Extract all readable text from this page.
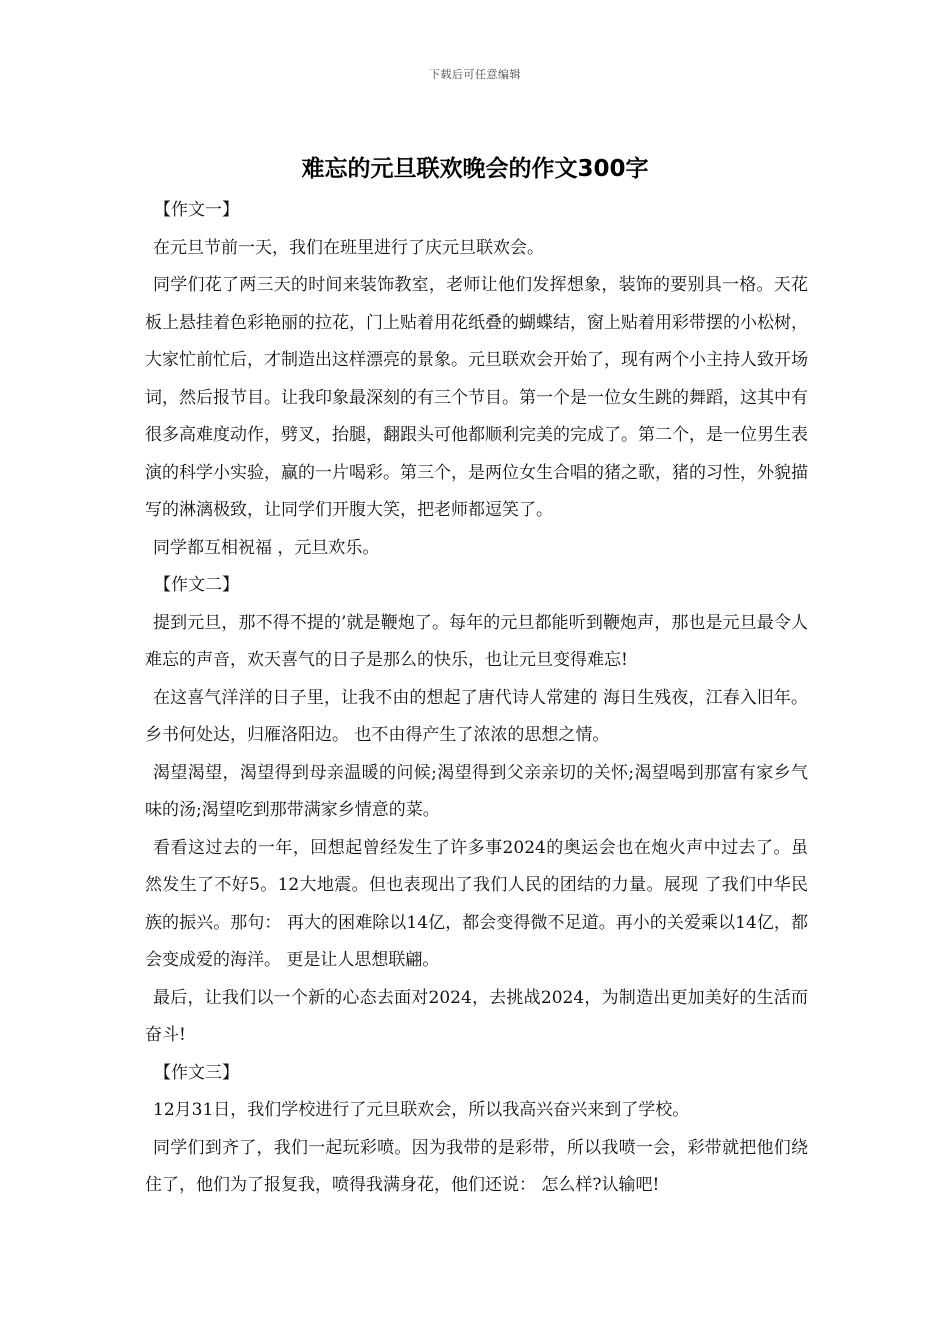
下载后可任意编辑
难忘的元旦联欢晚会的作文300字

【作文一】

在元旦节前一天，我们在班里进行了庆元旦联欢会。

同学们花了两三天的时间来装饰教室，老师让他们发挥想象，装饰的要别具一格。天花板上悬挂着色彩艳丽的拉花，门上贴着用花纸叠的蝴蝶结，窗上贴着用彩带摆的小松树，大家忙前忙后，才制造出这样漂亮的景象。元旦联欢会开始了，现有两个小主持人致开场词，然后报节目。让我印象最深刻的有三个节目。第一个是一位女生跳的舞蹈，这其中有很多高难度动作，劈叉，抬腿，翻跟头可他都顺利完美的完成了。第二个，是一位男生表演的科学小实验，赢的一片喝彩。第三个，是两位女生合唱的猪之歌，猪的习性，外貌描写的淋漓极致，让同学们开腹大笑，把老师都逗笑了。

同学都互相祝福 ，元旦欢乐。

【作文二】

提到元旦，那不得不提的’就是鞭炮了。每年的元旦都能听到鞭炮声，那也是元旦最令人难忘的声音，欢天喜气的日子是那么的快乐，也让元旦变得难忘!

在这喜气洋洋的日子里，让我不由的想起了唐代诗人常建的 海日生残夜，江春入旧年。乡书何处达，归雁洛阳边。 也不由得产生了浓浓的思想之情。

渴望渴望，渴望得到母亲温暖的问候;渴望得到父亲亲切的关怀;渴望喝到那富有家乡气味的汤;渴望吃到那带满家乡情意的菜。

看看这过去的一年，回想起曾经发生了许多事2024的奥运会也在炮火声中过去了。虽然发生了不好5。12大地震。但也表现出了我们人民的团结的力量。展现 了我们中华民族的振兴。那句： 再大的困难除以14亿，都会变得微不足道。再小的关爱乘以14亿，都会变成爱的海洋。 更是让人思想联翩。

最后，让我们以一个新的心态去面对2024，去挑战2024，为制造出更加美好的生活而奋斗!

【作文三】

12月31日，我们学校进行了元旦联欢会，所以我高兴奋兴来到了学校。

同学们到齐了，我们一起玩彩喷。因为我带的是彩带，所以我喷一会，彩带就把他们绕住了，他们为了报复我，喷得我满身花，他们还说： 怎么样?认输吧!
